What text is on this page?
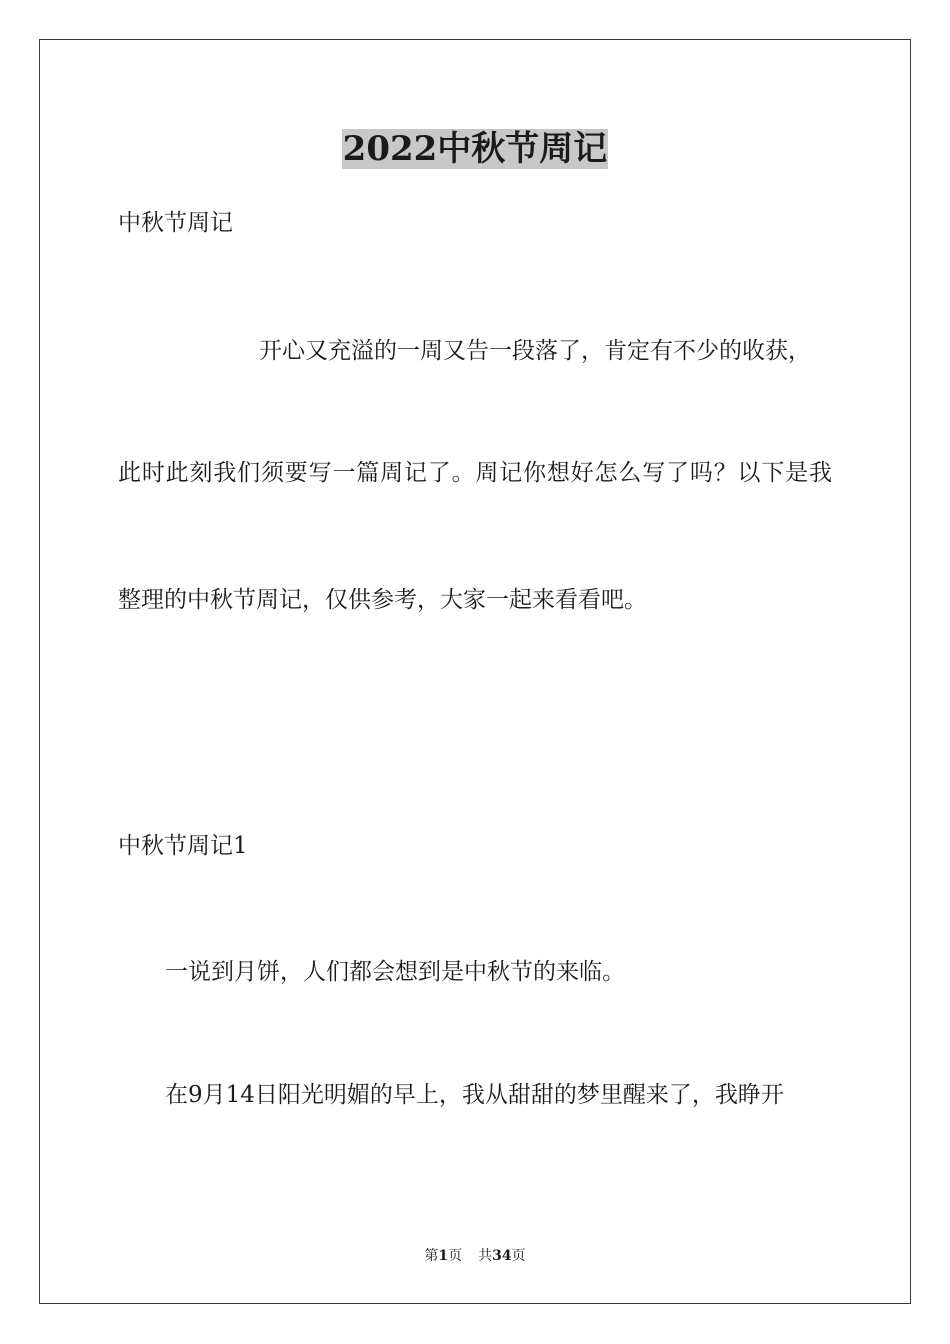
2022中秋节周记
中秋节周记
开心又充溢的一周又告一段落了，肯定有不少的收获，
此时此刻我们须要写一篇周记了。周记你想好怎么写了吗？以下是我
整理的中秋节周记，仅供参考，大家一起来看看吧。
中秋节周记1
一说到月饼，人们都会想到是中秋节的来临。
在9月14日阳光明媚的早上，我从甜甜的梦里醒来了，我睁开
第1页 共34页
